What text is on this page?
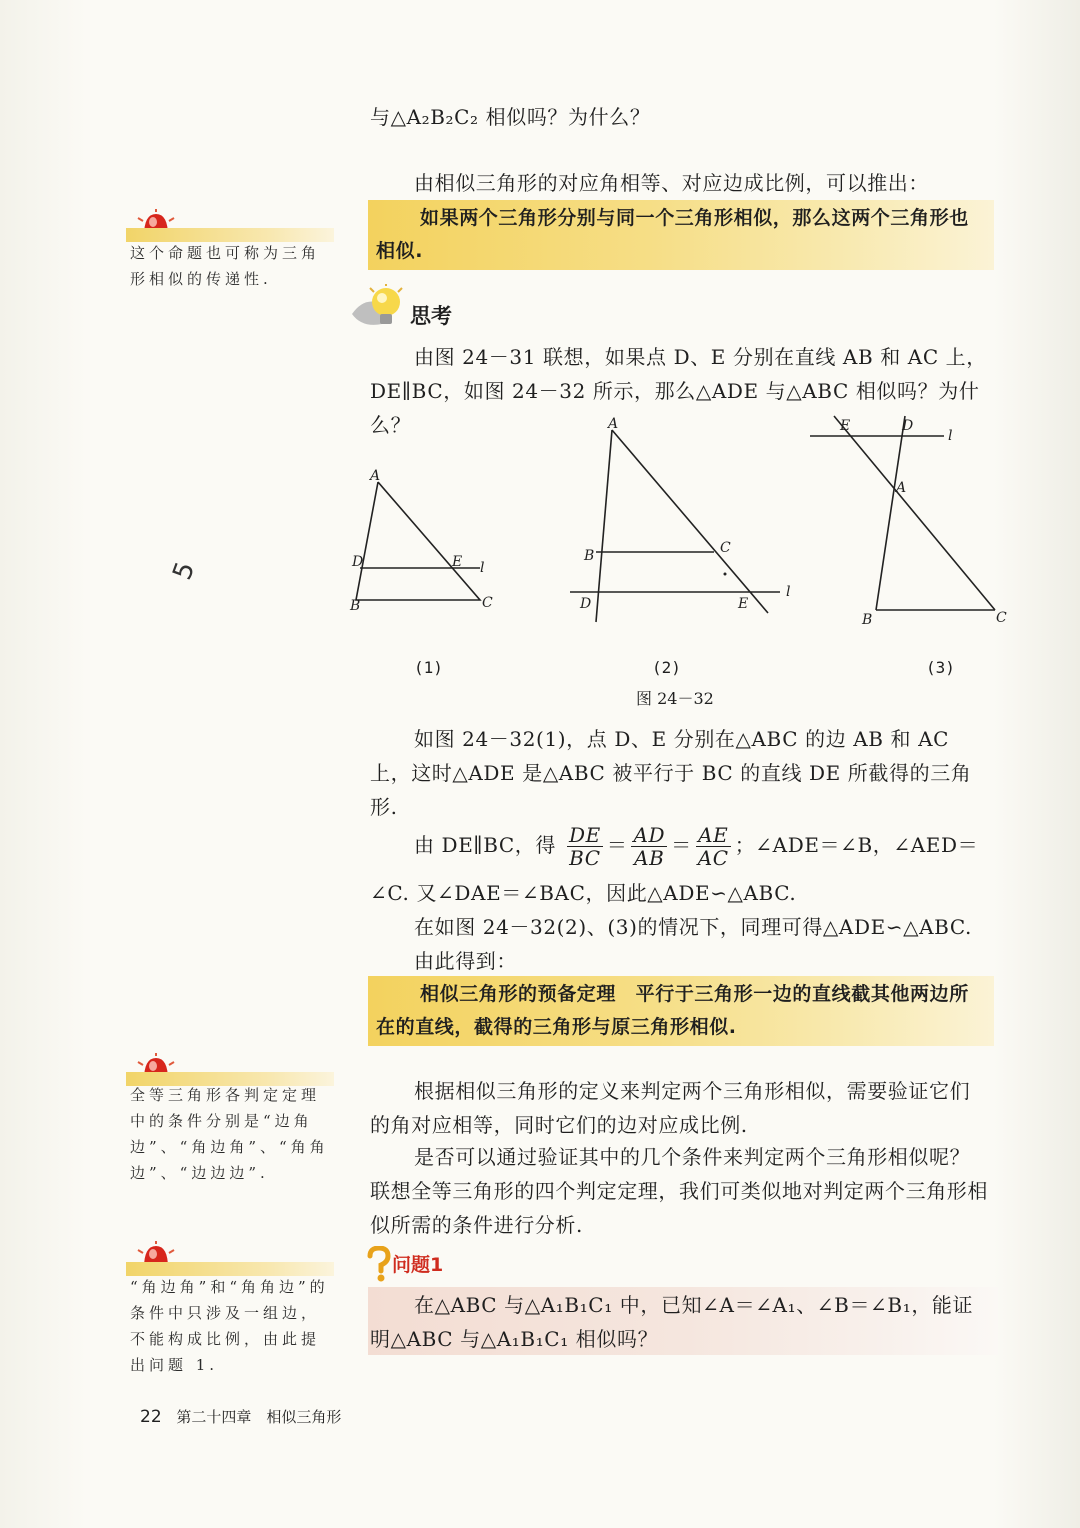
与△A₂B₂C₂ 相似吗？为什么？
由相似三角形的对应角相等、对应边成比例，可以推出：
如果两个三角形分别与同一个三角形相似，那么这两个三角形也相似.
这个命题也可称为三角形相似的传递性.
思考
由图 24－31 联想，如果点 D、E 分别在直线 AB 和 AC 上，DE∥BC，如图 24－32 所示，那么△ADE 与△ABC 相似吗？为什么？
A
D	E l
B	C
A
B	C
D	E
l
E	D
l
A
B	C
(1)	(2)	(3)
图 24－32
如图 24－32(1)，点 D、E 分别在△ABC 的边 AB 和 AC 上，这时△ADE 是△ABC 被平行于 BC 的直线 DE 所截得的三角形.
由 DE∥BC，得 $\frac{DE}{BC} = \frac{AD}{AB} = \frac{AE}{AC}$ ；∠ADE＝∠B，∠AED＝
∠C. 又∠DAE＝∠BAC，因此△ADE∽△ABC.
在如图 24－32(2)、(3)的情况下，同理可得△ADE∽△ABC.
由此得到：
相似三角形的预备定理　 平行于三角形一边的直线截其他两边所在的直线，截得的三角形与原三角形相似.
全等三角形各判定定理中的条件分别是“边角边”、“角边角”、“角角边”、“边边边”.
根据相似三角形的定义来判定两个三角形相似，需要验证它们的角对应相等，同时它们的边对应成比例.
是否可以通过验证其中的几个条件来判定两个三角形相似呢？联想全等三角形的四个判定定理，我们可类似地对判定两个三角形相似所需的条件进行分析.
“角边角”和“角角边”的条件中只涉及一组边，不能构成比例，由此提出问题 1.
问题1
在△ABC 与△A₁B₁C₁ 中，已知∠A＝∠A₁、∠B＝∠B₁，能证明△ABC 与△A₁B₁C₁ 相似吗？
5
22 第二十四章　相似三角形
